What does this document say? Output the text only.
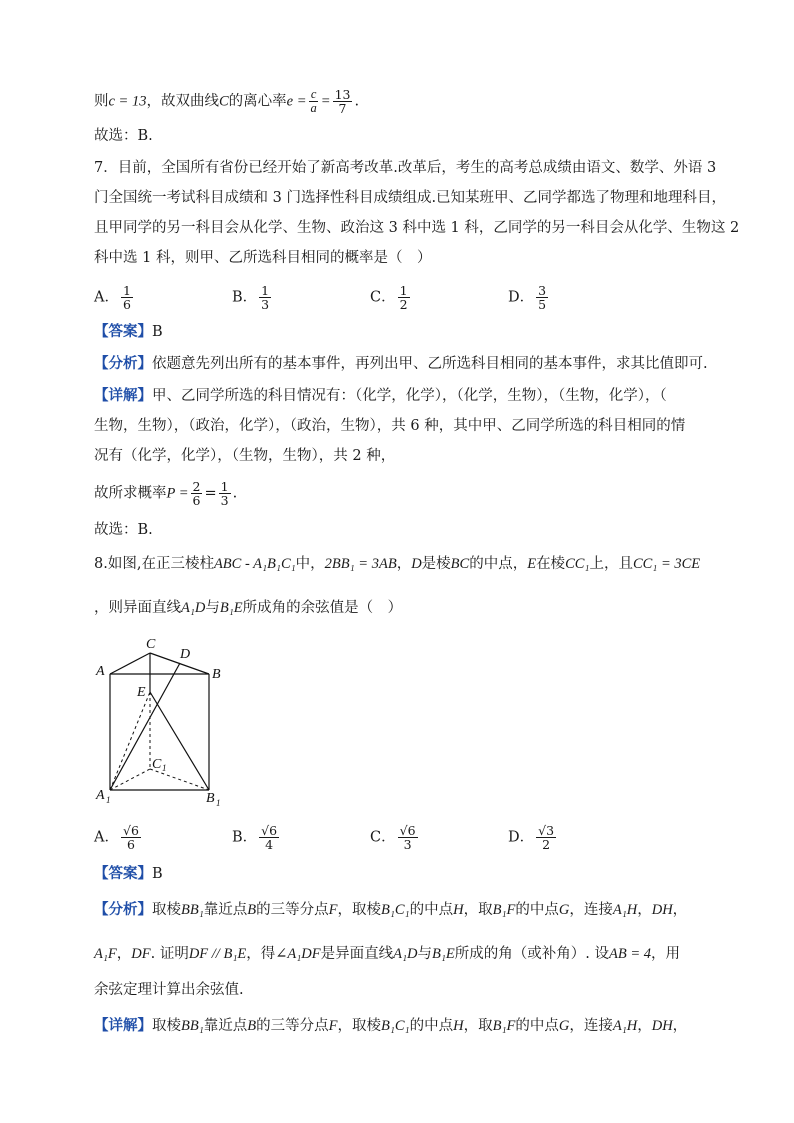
则c = 13，故双曲线C的离心率$e = \frac{c}{a} = \frac{13}{7}$ .
故选：B.
7．目前，全国所有省份已经开始了新高考改革.改革后，考生的高考总成绩由语文、数学、外语 3
门全国统一考试科目成绩和 3 门选择性科目成绩组成.已知某班甲、乙同学都选了物理和地理科目，
且甲同学的另一科目会从化学、生物、政治这 3 科中选 1 科，乙同学的另一科目会从化学、生物这 2
科中选 1 科，则甲、乙所选科目相同的概率是（　）
A． $\frac{1}{6}$	B． $\frac{1}{3}$	C． $\frac{1}{2}$	D． $\frac{3}{5}$
【答案】B
【分析】依题意先列出所有的基本事件，再列出甲、乙所选科目相同的基本事件，求其比值即可.
【详解】甲、乙同学所选的科目情况有：（化学，化学），（化学，生物），（生物，化学），（
生物，生物），（政治，化学），（政治，生物），共 6 种，其中甲、乙同学所选的科目相同的情
况有（化学，化学），（生物，生物），共 2 种，
故所求概率$P = \frac{2}{6} = \frac{1}{3}$ .
故选：B.
8.如图,在正三棱柱ABC - A₁B₁C₁中，2BB₁ = 3AB，D是棱BC的中点，E在棱CC₁上，且CC₁ = 3CE
，则异面直线A₁D与B₁E所成角的余弦值是（　）
C
D
A	B
E
C 1
A 1	B 1
A． $\frac{√6}{6}$	B． $\frac{√6}{4}$	C． $\frac{√6}{3}$	D． $\frac{√3}{2}$
【答案】B
【分析】取棱BB₁靠近点B的三等分点F，取棱B₁C₁的中点H，取B₁F的中点G，连接A₁H，DH，
A₁F，DF. 证明DF // B₁E，得∠A₁DF是异面直线A₁D与B₁E所成的角（或补角）. 设AB = 4，用
余弦定理计算出余弦值.
【详解】取棱BB₁靠近点B的三等分点F，取棱B₁C₁的中点H，取B₁F的中点G，连接A₁H，DH，
